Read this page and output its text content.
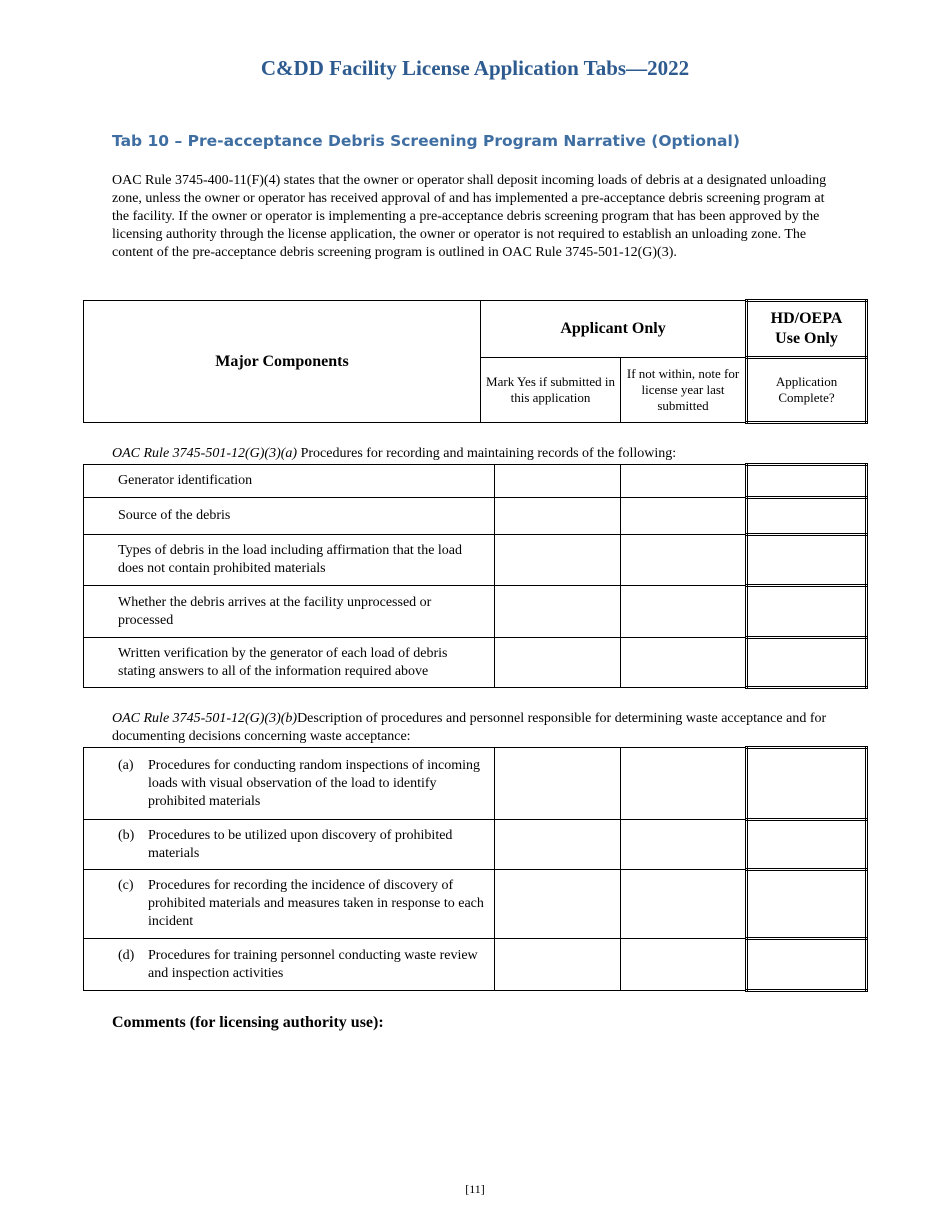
C&DD Facility License Application Tabs—2022
Tab 10 – Pre-acceptance Debris Screening Program Narrative (Optional)

OAC Rule 3745-400-11(F)(4) states that the owner or operator shall deposit incoming loads of debris at a designated unloading zone, unless the owner or operator has received approval of and has implemented a pre-acceptance debris screening program at the facility. If the owner or operator is implementing a pre-acceptance debris screening program that has been approved by the licensing authority through the license application, the owner or operator is not required to establish an unloading zone. The content of the pre-acceptance debris screening program is outlined in OAC Rule 3745-501-12(G)(3).

Major Components	Applicant Only		HD/OEPA
Use Only
	Mark Yes if submitted in this application	If not within, note for license year last submitted	Application Complete?

OAC Rule 3745-501-12(G)(3)(a) Procedures for recording and maintaining records of the following:

Generator identification			
Source of the debris			
Types of debris in the load including affirmation that the load does not contain prohibited materials			
Whether the debris arrives at the facility unprocessed or processed			
Written verification by the generator of each load of debris stating answers to all of the information required above			

OAC Rule 3745-501-12(G)(3)(b)Description of procedures and personnel responsible for determining waste acceptance and for documenting decisions concerning waste acceptance:

(a) Procedures for conducting random inspections of incoming loads with visual observation of the load to identify prohibited materials			

(b) Procedures to be utilized upon discovery of prohibited materials			

(c) Procedures for recording the incidence of discovery of prohibited materials and measures taken in response to each incident			

(d) Procedures for training personnel conducting waste review and inspection activities			

Comments (for licensing authority use):
[11]
